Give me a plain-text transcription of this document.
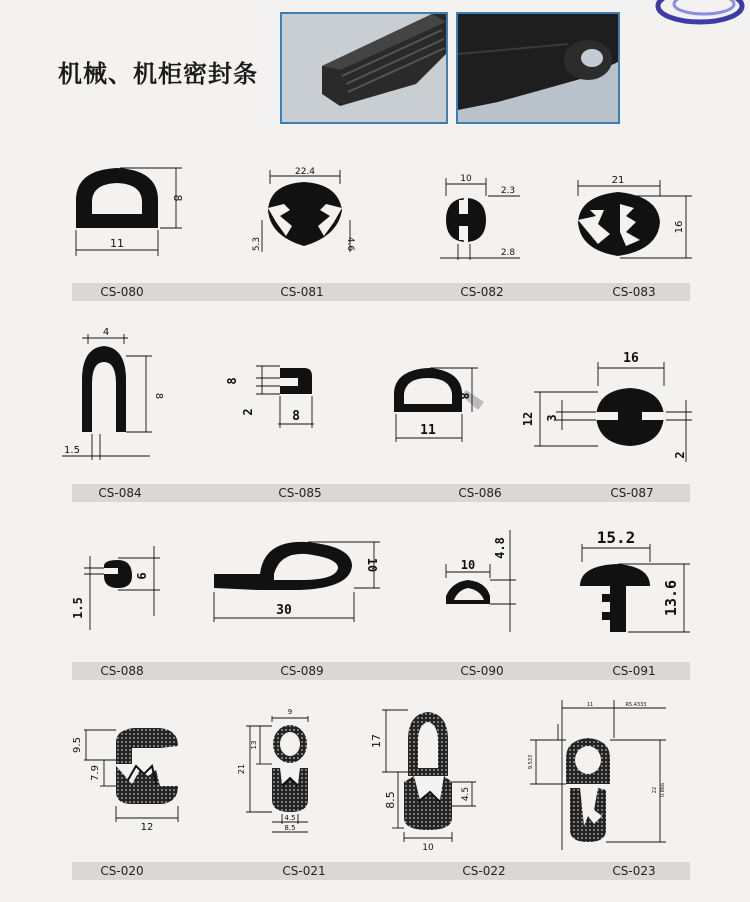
机械、机柜密封条
CS-080	CS-081	CS-082	CS-083
CS-084	CS-085	CS-086	CS-087
CS-088	CS-089	CS-090	CS-091
CS-020	CS-021	CS-022	CS-023
11
8
22.4
5.3	4.6
10
2.3
2.8
21
16
4
8
1.5
8
2	8
11
8
16
12 3
2
1.5
6
30
10	10
4.8	15.2
13.6
9.5
7.9
12
9
21
13
4.5
8.5
17
8.5	4.5
10
11	R5.4333
9.533
22 0.866
